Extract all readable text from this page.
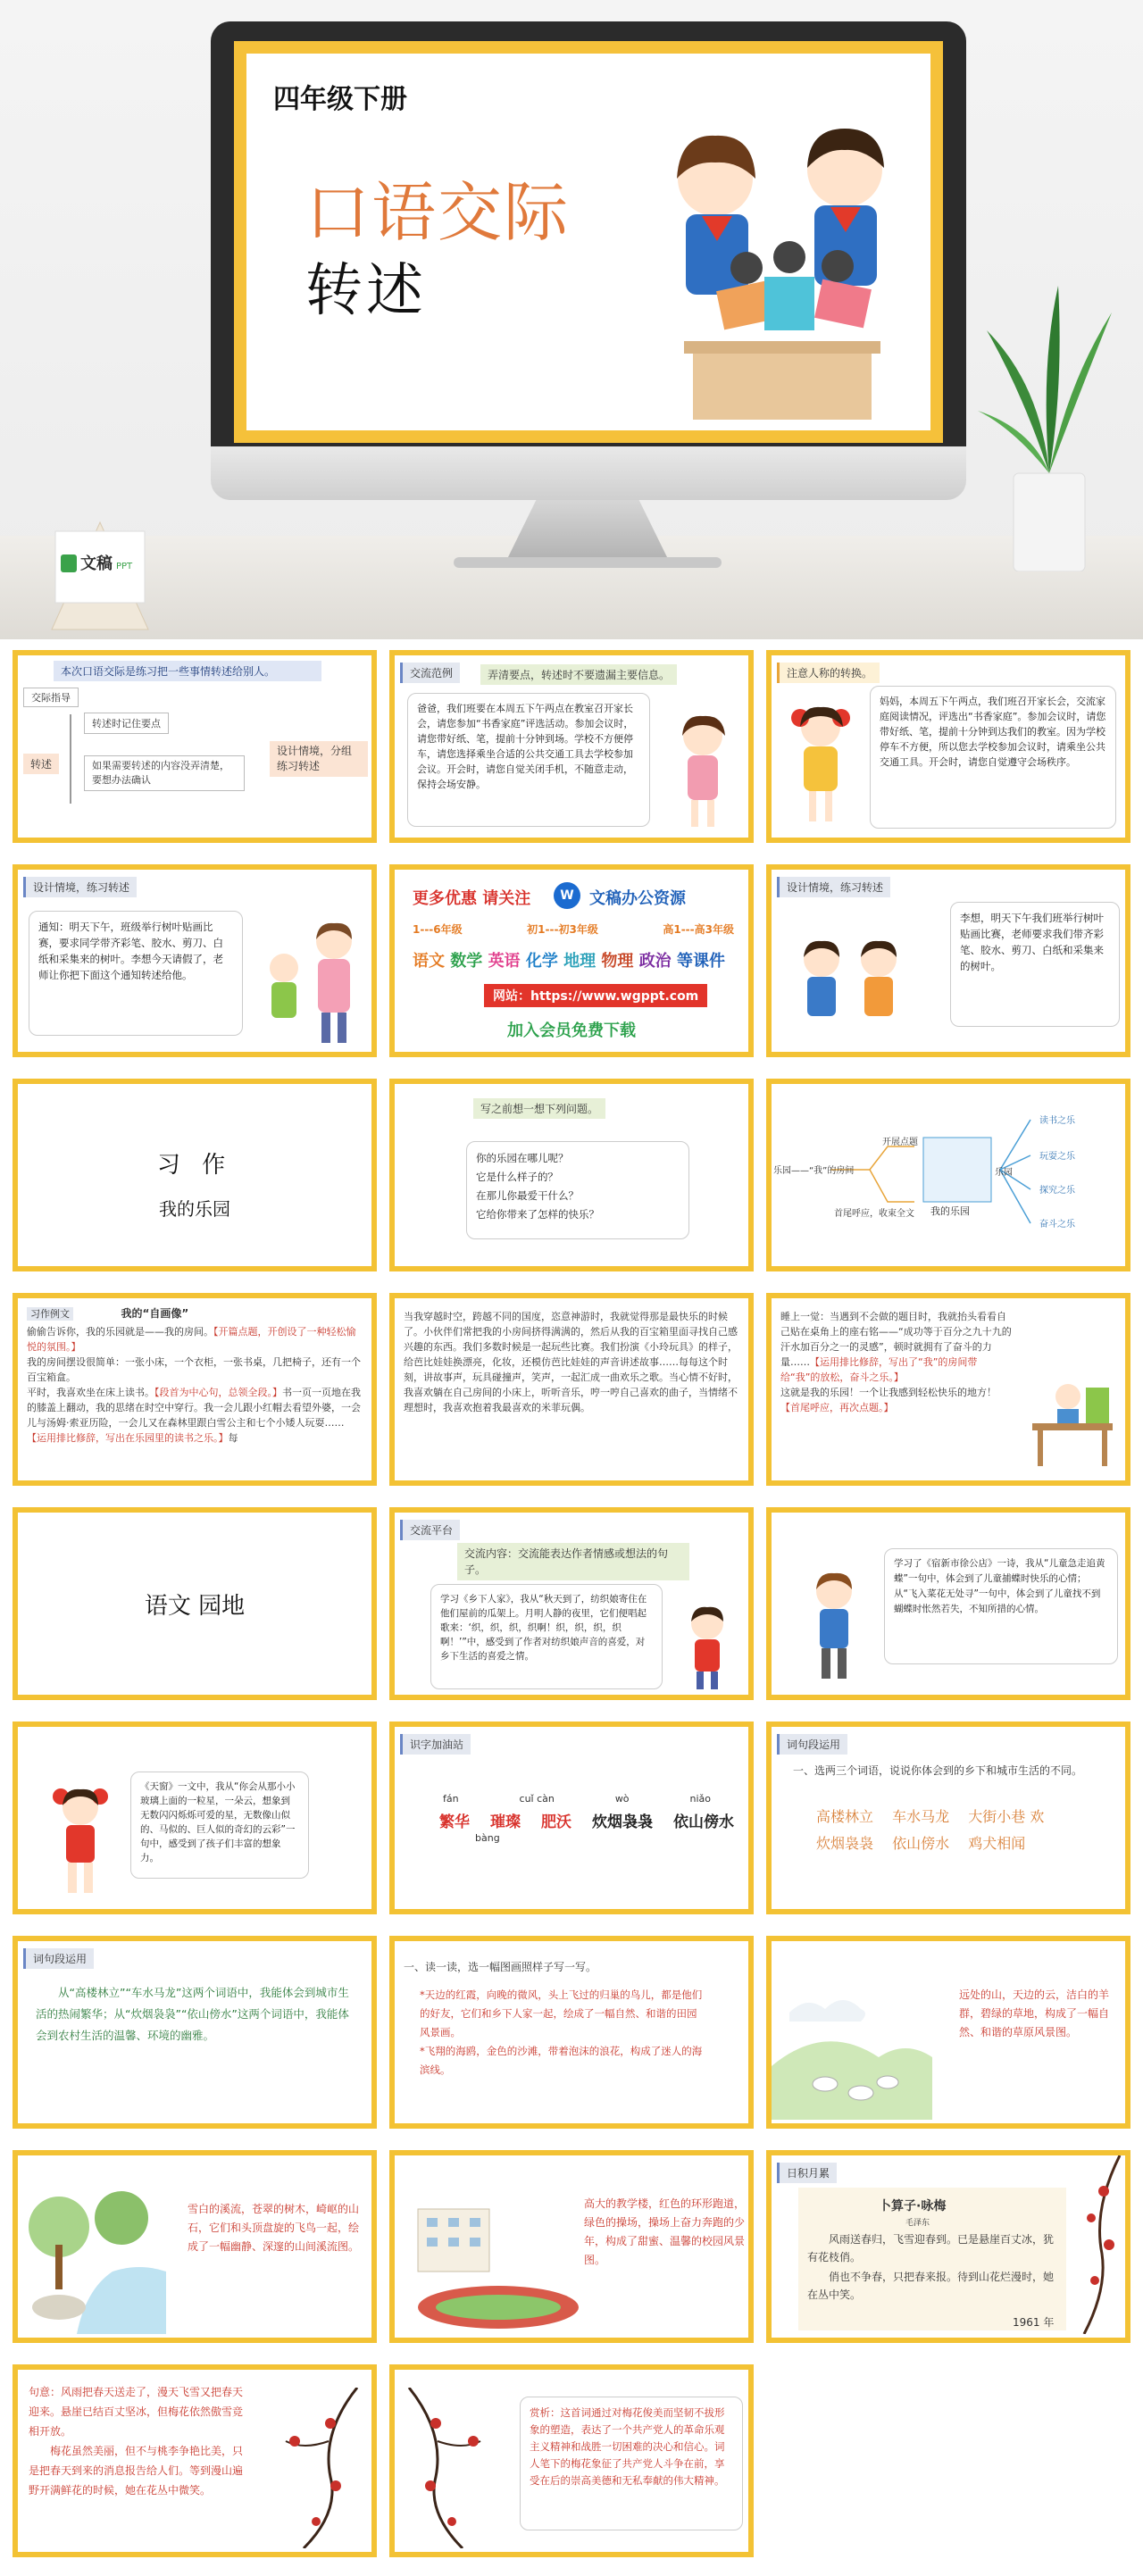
四年级下册
口语交际
转述
文稿 PPT
本次口语交际是练习把一些事情转述给别人。
交际指导
转述
转述时记住要点
如果需要转述的内容没弄清楚，要想办法确认
设计情境，分组练习转述
交流范例	弄清要点，转述时不要遗漏主要信息。
爸爸，我们班要在本周五下午两点在教室召开家长会，请您参加“书香家庭”评选活动。参加会议时，请您带好纸、笔，提前十分钟到场。学校不方便停车，请您选择乘坐合适的公共交通工具去学校参加会议。开会时，请您自觉关闭手机，不随意走动，保持会场安静。
注意人称的转换。
妈妈，本周五下午两点，我们班召开家长会，交流家庭阅读情况，评选出“书香家庭”。参加会议时，请您带好纸、笔，提前十分钟到达我们的教室。因为学校停车不方便，所以您去学校参加会议时，请乘坐公共交通工具。开会时，请您自觉遵守会场秩序。
设计情境，练习转述
通知：明天下午，班级举行树叶贴画比赛，要求同学带齐彩笔、胶水、剪刀、白纸和采集来的树叶。李想今天请假了，老师让你把下面这个通知转述给他。
更多优惠 请关注	W 文稿办公资源
1---6年级	初1---初3年级	高1---高3年级
语文 数学 英语 化学 地理 物理 政治 等课件
网站：https://www.wgppt.com
加入会员免费下载
设计情境，练习转述
李想，明天下午我们班举行树叶贴画比赛，老师要求我们带齐彩笔、胶水、剪刀、白纸和采集来的树叶。
习 作
我的乐园
写之前想一想下列问题。
你的乐园在哪儿呢？
它是什么样子的？
在那儿你最爱干什么？
它给你带来了怎样的快乐？
乐园——“我”的房间
开展点题
首尾呼应，收束全文 我的乐园
乐园
读书之乐
玩耍之乐
探究之乐
奋斗之乐
习作例文	我的“自画像”
偷偷告诉你，我的乐园就是——我的房间。【开篇点题，开创设了一种轻松愉悦的氛围。】
我的房间摆设很简单：一张小床，一个衣柜，一张书桌，几把椅子，还有一个百宝箱盒。
平时，我喜欢坐在床上读书。【段首为中心句，总领全段。】书一页一页地在我的膝盖上翻动，我的思绪在时空中穿行。我一会儿跟小红帽去看望外婆，一会儿与汤姆·索亚历险，一会儿又在森林里跟白雪公主和七个小矮人玩耍……【运用排比修辞，写出在乐园里的读书之乐。】每
当我穿越时空，跨越不同的国度，恣意神游时，我就觉得那是最快乐的时候了。小伙伴们常把我的小房间挤得满满的，然后从我的百宝箱里面寻找自己感兴趣的东西。我们多数时候是一起玩些比赛。我们扮演《小玲玩具》的样子，给芭比娃娃换漂亮，化妆，还模仿芭比娃娃的声音讲述故事……每每这个时刻，讲故事声，玩具碰撞声，笑声，一起汇成一曲欢乐之歌。当心情不好时，我喜欢躺在自己房间的小床上，听听音乐，哼一哼自己喜欢的曲子，当情绪不理想时，我喜欢抱着我最喜欢的米菲玩偶。
睡上一觉：当遇到不会做的题目时，我就抬头看看自己贴在桌角上的座右铭——“成功等于百分之九十九的汗水加百分之一的灵感”，顿时就拥有了奋斗的力量……【运用排比修辞，写出了“我”的房间带给“我”的放松，奋斗之乐。】
这就是我的乐园！一个让我感到轻松快乐的地方！【首尾呼应，再次点题。】
语文 园地
交流平台
交流内容：交流能表达作者情感或想法的句子。
学习《乡下人家》，我从“秋天到了，纺织娘寄住在他们屋前的瓜架上。月明人静的夜里，它们便唱起歌来：‘织，织，织，织啊！织，织，织，织啊！’”中，感受到了作者对纺织娘声音的喜爱，对乡下生活的喜爱之情。
学习了《宿新市徐公店》一诗，我从“儿童急走追黄蝶”一句中，体会到了儿童捕蝶时快乐的心情；从“飞入菜花无处寻”一句中，体会到了儿童找不到蝴蝶时怅然若失，不知所措的心情。
《天窗》一文中，我从“你会从那小小玻璃上面的一粒星，一朵云，想象到无数闪闪烁烁可爱的星，无数像山似的、马似的、巨人似的奇幻的云彩”一句中，感受到了孩子们丰富的想象力。
识字加油站
fán	cuǐ càn	wò	niǎo
繁华 璀璨 肥沃 炊烟袅袅 依山傍水
bàng
词句段运用
一、选两三个词语，说说你体会到的乡下和城市生活的不同。
高楼林立　 车水马龙　 大街小巷 欢
炊烟袅袅　 依山傍水　 鸡犬相闻
词句段运用
从“高楼林立”“车水马龙”这两个词语中，我能体会到城市生活的热闹繁华；从“炊烟袅袅”“依山傍水”这两个词语中，我能体会到农村生活的温馨、环境的幽雅。
一、读一读，选一幅图画照样子写一写。
*天边的红霞，向晚的微风，头上飞过的归巢的鸟儿，都是他们的好友，它们和乡下人家一起，绘成了一幅自然、和谐的田园风景画。
*飞翔的海鸥，金色的沙滩，带着泡沫的浪花，构成了迷人的海滨线。
远处的山，天边的云，洁白的羊群，碧绿的草地，构成了一幅自然、和谐的草原风景图。
雪白的溪流，苍翠的树木，崎岖的山石，它们和头顶盘旋的飞鸟一起，绘成了一幅幽静、深邃的山间溪流图。
高大的教学楼，红色的环形跑道，绿色的操场，操场上奋力奔跑的少年，构成了甜蜜、温馨的校园风景图。
日积月累
卜算子·咏梅
毛泽东
风雨送春归，飞雪迎春到。已是悬崖百丈冰，犹有花枝俏。
俏也不争春，只把春来报。待到山花烂漫时，她在丛中笑。
1961 年
句意：风雨把春天送走了，漫天飞雪又把春天迎来。悬崖已结百丈坚冰，但梅花依然傲雪竞相开放。
梅花虽然美丽，但不与桃李争艳比美，只是把春天到来的消息报告给人们。等到漫山遍野开满鲜花的时候，她在花丛中微笑。
赏析：这首词通过对梅花俊美而坚韧不拔形象的塑造，表达了一个共产党人的革命乐观主义精神和战胜一切困难的决心和信心。词人笔下的梅花象征了共产党人斗争在前，享受在后的崇高美德和无私奉献的伟大精神。
